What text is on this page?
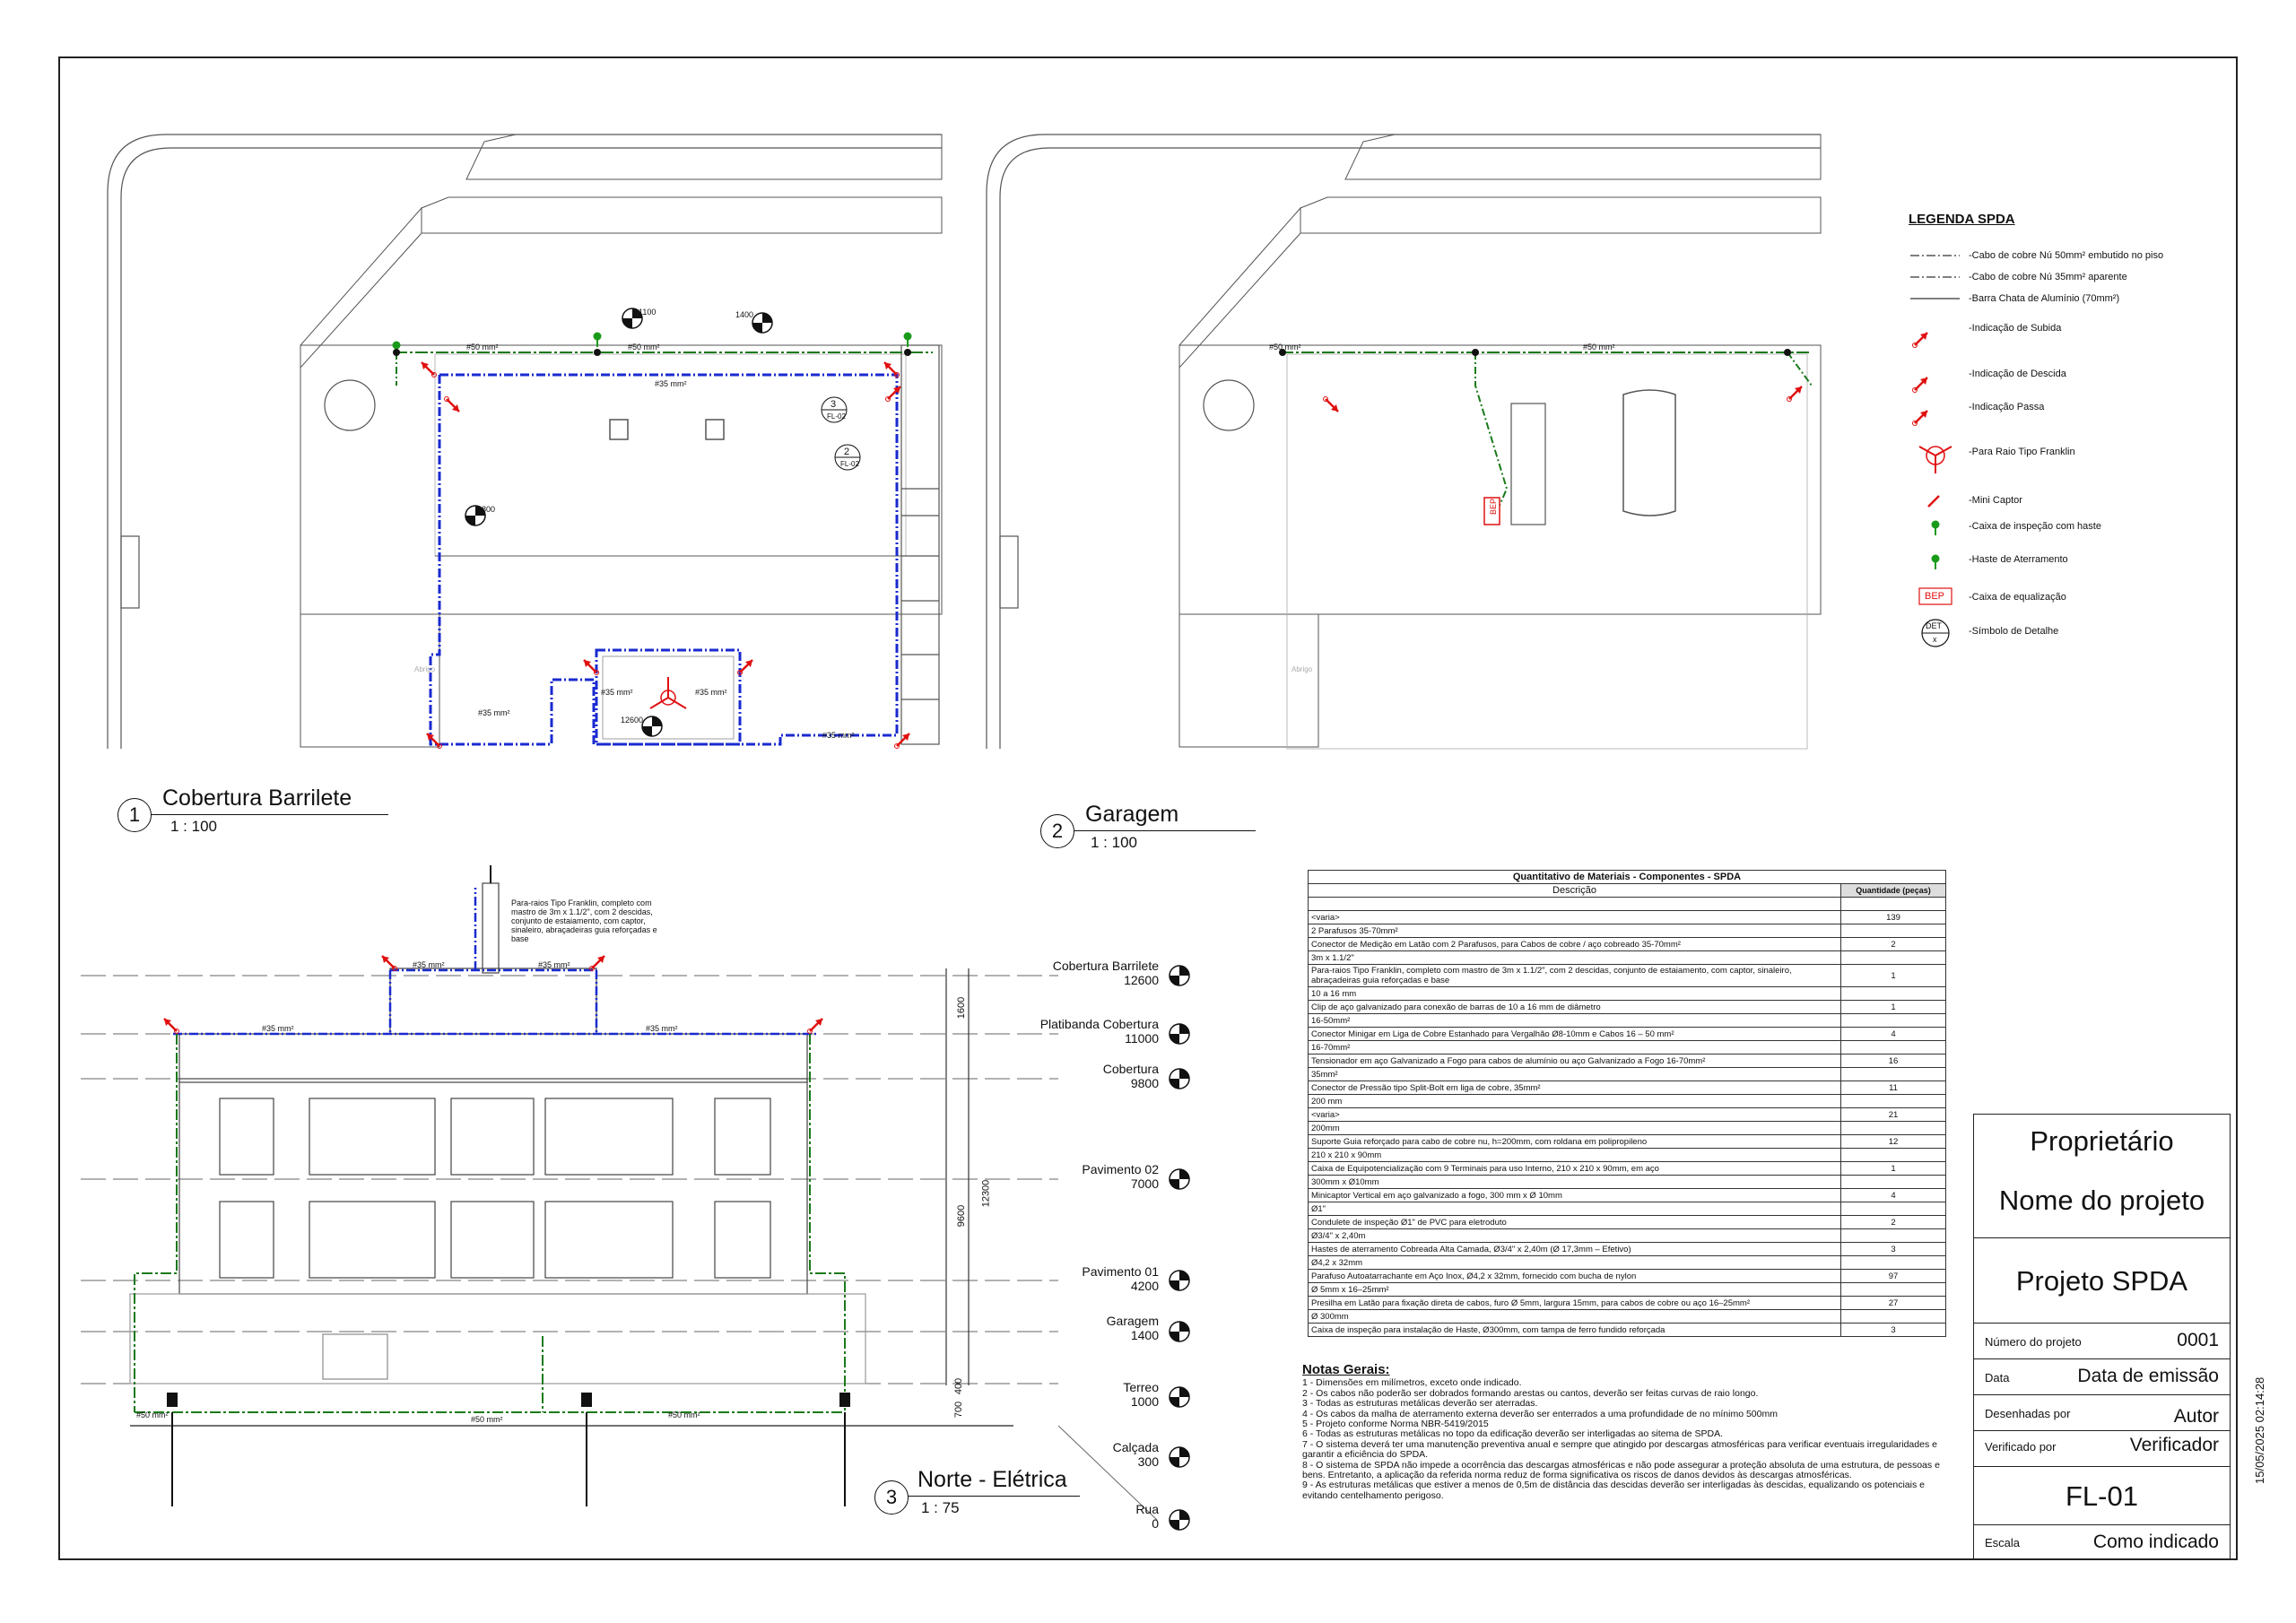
#50 mm²	#50 mm²
#35 mm²
#35 mm²	#35 mm²
#35 mm²
#35 mm²
1100	1400
9800
12600
3
FL-02
2
FL-02
Abrigo
#50 mm²	#50 mm²
Abrigo
BEP
1
Cobertura Barrilete
1 : 100	2
Garagem
1 : 100
3
Norte - Elétrica
1 : 75
LEGENDA SPDA
-Cabo de cobre Nú 50mm² embutido no piso
-Cabo de cobre Nú 35mm² aparente
-Barra Chata de Alumínio (70mm²)
-Indicação de Subida
-Indicação de Descida
-Indicação Passa
-Para Raio Tipo Franklin
-Mini Captor
-Caixa de inspeção com haste
-Haste de Aterramento
-Caixa de equalização
-Símbolo de Detalhe
BEP
DET
x
Para-raios Tipo Franklin, completo com mastro de 3m x 1.1/2", com 2 descidas, conjunto de estaiamento, com captor, sinaleiro, abraçadeiras guia reforçadas e base
#35 mm²
#35 mm²	#35 mm²
#35 mm²
#50 mm²	#50 mm²	#50 mm²
1600
9600
12300
700
400
Cobertura Barrilete
12600
Platibanda Cobertura
11000
Cobertura
9800
Pavimento 02
7000
Pavimento 01
4200
Garagem
1400
Terreo
1000
Calçada
300
Rua
0
Quantitativo de Materiais - Componentes - SPDA	
Descrição	Quantidade (peças)

<varia>	139
2 Parafusos 35-70mm²	
Conector de Medição em Latão com 2 Parafusos, para Cabos de cobre / aço cobreado 35-70mm²	2
3m x 1.1/2"	
Para-raios Tipo Franklin, completo com mastro de 3m x 1.1/2", com 2 descidas, conjunto de estaiamento, com captor, sinaleiro, abraçadeiras guia reforçadas e base	1
10 a 16 mm	
Clip de aço galvanizado para conexão de barras de 10 a 16 mm de diâmetro	1
16-50mm²	
Conector Minigar em Liga de Cobre Estanhado para Vergalhão Ø8-10mm e Cabos 16 – 50 mm²	4
16-70mm²	
Tensionador em aço Galvanizado a Fogo para cabos de alumínio ou aço Galvanizado a Fogo 16-70mm²	16
35mm²	
Conector de Pressão tipo Split-Bolt em liga de cobre, 35mm²	11
200 mm	
<varia>	21
200mm	
Suporte Guia reforçado para cabo de cobre nu, h=200mm, com roldana em polipropileno	12
210 x 210 x 90mm	
Caixa de Equipotencialização com 9 Terminais para uso Interno, 210 x 210 x 90mm, em aço	1
300mm x Ø10mm	
Minicaptor Vertical em aço galvanizado a fogo, 300 mm x Ø 10mm	4
Ø1"	
Condulete de inspeção Ø1" de PVC para eletroduto	2
Ø3/4" x 2,40m	
Hastes de aterramento Cobreada Alta Camada, Ø3/4" x 2,40m (Ø 17,3mm – Efetivo)	3
Ø4,2 x 32mm	
Parafuso Autoatarrachante em Aço Inox, Ø4,2 x 32mm, fornecido com bucha de nylon	97
Ø 5mm x 16–25mm²	
Presilha em Latão para fixação direta de cabos, furo Ø 5mm, largura 15mm, para cabos de cobre ou aço 16–25mm²	27
Ø 300mm	
Caixa de inspeção para instalação de Haste, Ø300mm, com tampa de ferro fundido reforçada	3
Notas Gerais:
1 - Dimensões em milímetros, exceto onde indicado.
2 - Os cabos não poderão ser dobrados formando arestas ou cantos, deverão ser feitas curvas de raio longo.
3 - Todas as estruturas metálicas deverão ser aterradas.
4 - Os cabos da malha de aterramento externa deverão ser enterrados a uma profundidade de no mínimo 500mm
5 - Projeto conforme Norma NBR-5419/2015
6 - Todas as estruturas metálicas no topo da edificação deverão ser interligadas ao sitema de SPDA.
7 - O sistema deverá ter uma manutenção preventiva anual e sempre que atingido por descargas atmosféricas para verificar eventuais irregularidades e garantir a eficiência do SPDA.
8 - O sistema de SPDA não impede a ocorrência das descargas atmosféricas e não pode assegurar a proteção absoluta de uma estrutura, de pessoas e bens. Entretanto, a aplicação da referida norma reduz de forma significativa os riscos de danos devidos às descargas atmosféricas.
9 - As estruturas metálicas que estiver a menos de 0,5m de distância das descidas deverão ser interligadas às descidas, equalizando os potenciais e evitando centelhamento perigoso.
Proprietário
Nome do projeto
Projeto SPDA
Número do projeto	0001
Data	Data de emissão
Desenhadas por	Autor
Verificado por	Verificador
FL-01
Escala	Como indicado
15/05/2025 02:14:28
